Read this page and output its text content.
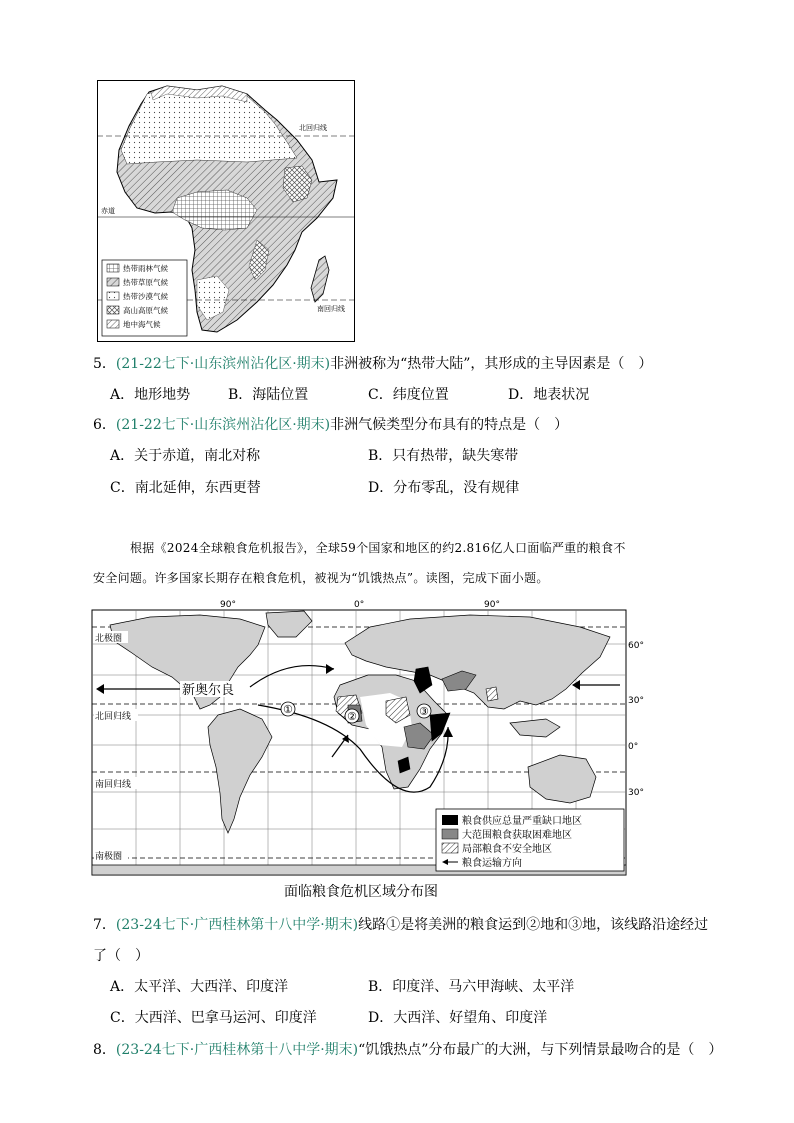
北回归线
赤道
南回归线
热带雨林气候
热带草原气候
热带沙漠气候
高山高原气候
地中海气候
5．(21-22七下·山东滨州沾化区·期末)非洲被称为“热带大陆”，其形成的主导因素是（　）
A．地形地势	B．海陆位置	C．纬度位置	D．地表状况
6．(21-22七下·山东滨州沾化区·期末)非洲气候类型分布具有的特点是（　）
A．关于赤道，南北对称	B．只有热带，缺失寒带
C．南北延伸，东西更替	D．分布零乱，没有规律
根据《2024全球粮食危机报告》，全球59个国家和地区的约2.816亿人口面临严重的粮食不
安全问题。许多国家长期存在粮食危机，被视为“饥饿热点”。读图，完成下面小题。
90°	0°	90°
①
②	③
新奥尔良
北极圈
北回归线
南回归线
南极圈
60°
30°
0°
30°
粮食供应总量严重缺口地区
大范围粮食获取困难地区
局部粮食不安全地区
粮食运输方向
面临粮食危机区域分布图
7．(23-24七下·广西桂林第十八中学·期末)线路①是将美洲的粮食运到②地和③地，该线路沿途经过
了（　）
A．太平洋、大西洋、印度洋	B．印度洋、马六甲海峡、太平洋
C．大西洋、巴拿马运河、印度洋	D．大西洋、好望角、印度洋
8．(23-24七下·广西桂林第十八中学·期末)“饥饿热点”分布最广的大洲，与下列情景最吻合的是（　）
